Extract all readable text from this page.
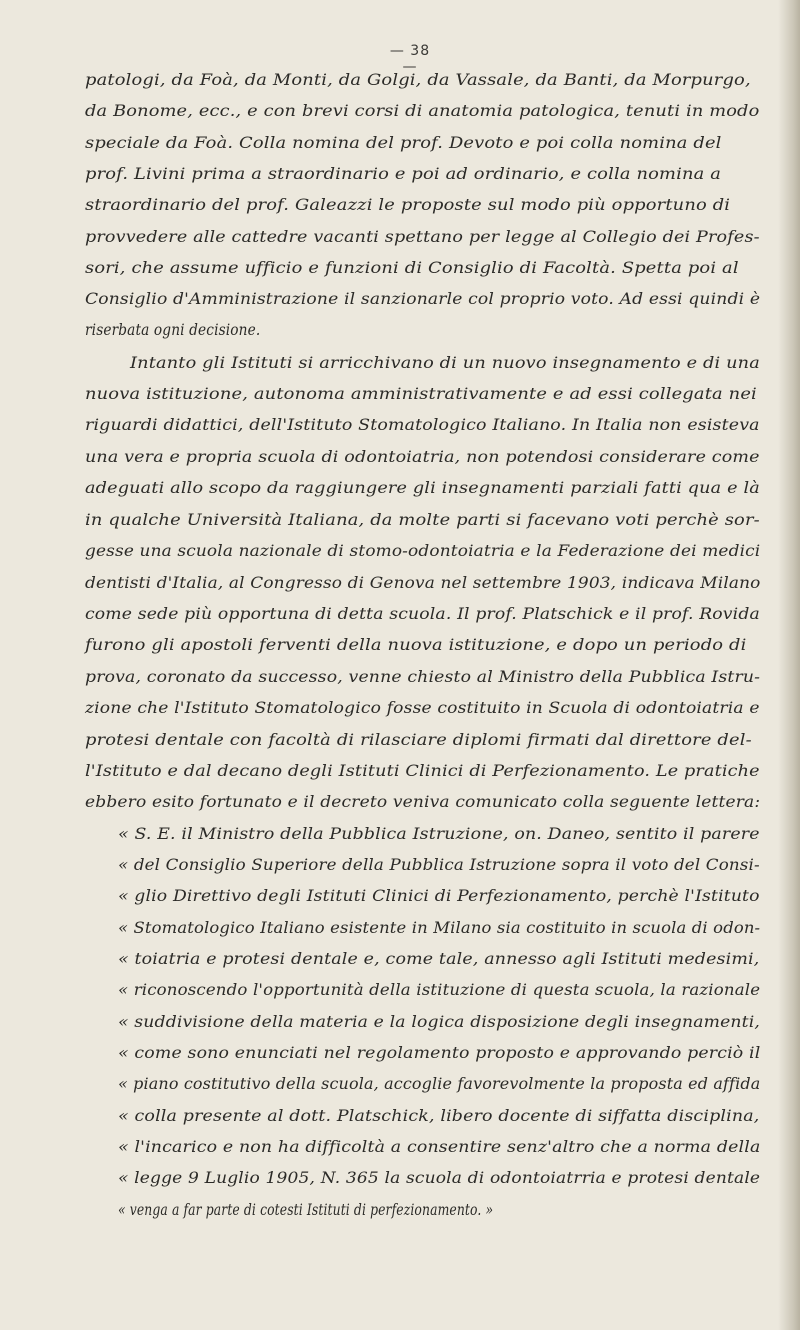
— 38 —
patologi, da Foà, da Monti, da Golgi, da Vassale, da Banti, da Morpurgo,
da Bonome, ecc., e con brevi corsi di anatomia patologica, tenuti in modo
speciale da Foà. Colla nomina del prof. Devoto e poi colla nomina del
prof. Livini prima a straordinario e poi ad ordinario, e colla nomina a
straordinario del prof. Galeazzi le proposte sul modo più opportuno di
provvedere alle cattedre vacanti spettano per legge al Collegio dei Profes-
sori, che assume ufficio e funzioni di Consiglio di Facoltà. Spetta poi al
Consiglio d'Amministrazione il sanzionarle col proprio voto. Ad essi quindi è
riserbata ogni decisione.
Intanto gli Istituti si arricchivano di un nuovo insegnamento e di una
nuova istituzione, autonoma amministrativamente e ad essi collegata nei
riguardi didattici, dell'Istituto Stomatologico Italiano. In Italia non esisteva
una vera e propria scuola di odontoiatria, non potendosi considerare come
adeguati allo scopo da raggiungere gli insegnamenti parziali fatti qua e là
in qualche Università Italiana, da molte parti si facevano voti perchè sor-
gesse una scuola nazionale di stomo-odontoiatria e la Federazione dei medici
dentisti d'Italia, al Congresso di Genova nel settembre 1903, indicava Milano
come sede più opportuna di detta scuola. Il prof. Platschick e il prof. Rovida
furono gli apostoli ferventi della nuova istituzione, e dopo un periodo di
prova, coronato da successo, venne chiesto al Ministro della Pubblica Istru-
zione che l'Istituto Stomatologico fosse costituito in Scuola di odontoiatria e
protesi dentale con facoltà di rilasciare diplomi firmati dal direttore del-
l'Istituto e dal decano degli Istituti Clinici di Perfezionamento. Le pratiche
ebbero esito fortunato e il decreto veniva comunicato colla seguente lettera:
« S. E. il Ministro della Pubblica Istruzione, on. Daneo, sentito il parere
« del Consiglio Superiore della Pubblica Istruzione sopra il voto del Consi-
« glio Direttivo degli Istituti Clinici di Perfezionamento, perchè l'Istituto
« Stomatologico Italiano esistente in Milano sia costituito in scuola di odon-
« toiatria e protesi dentale e, come tale, annesso agli Istituti medesimi,
« riconoscendo l'opportunità della istituzione di questa scuola, la razionale
« suddivisione della materia e la logica disposizione degli insegnamenti,
« come sono enunciati nel regolamento proposto e approvando perciò il
« piano costitutivo della scuola, accoglie favorevolmente la proposta ed affida
« colla presente al dott. Platschick, libero docente di siffatta disciplina,
« l'incarico e non ha difficoltà a consentire senz'altro che a norma della
« legge 9 Luglio 1905, N. 365 la scuola di odontoiatrria e protesi dentale
« venga a far parte di cotesti Istituti di perfezionamento. »
